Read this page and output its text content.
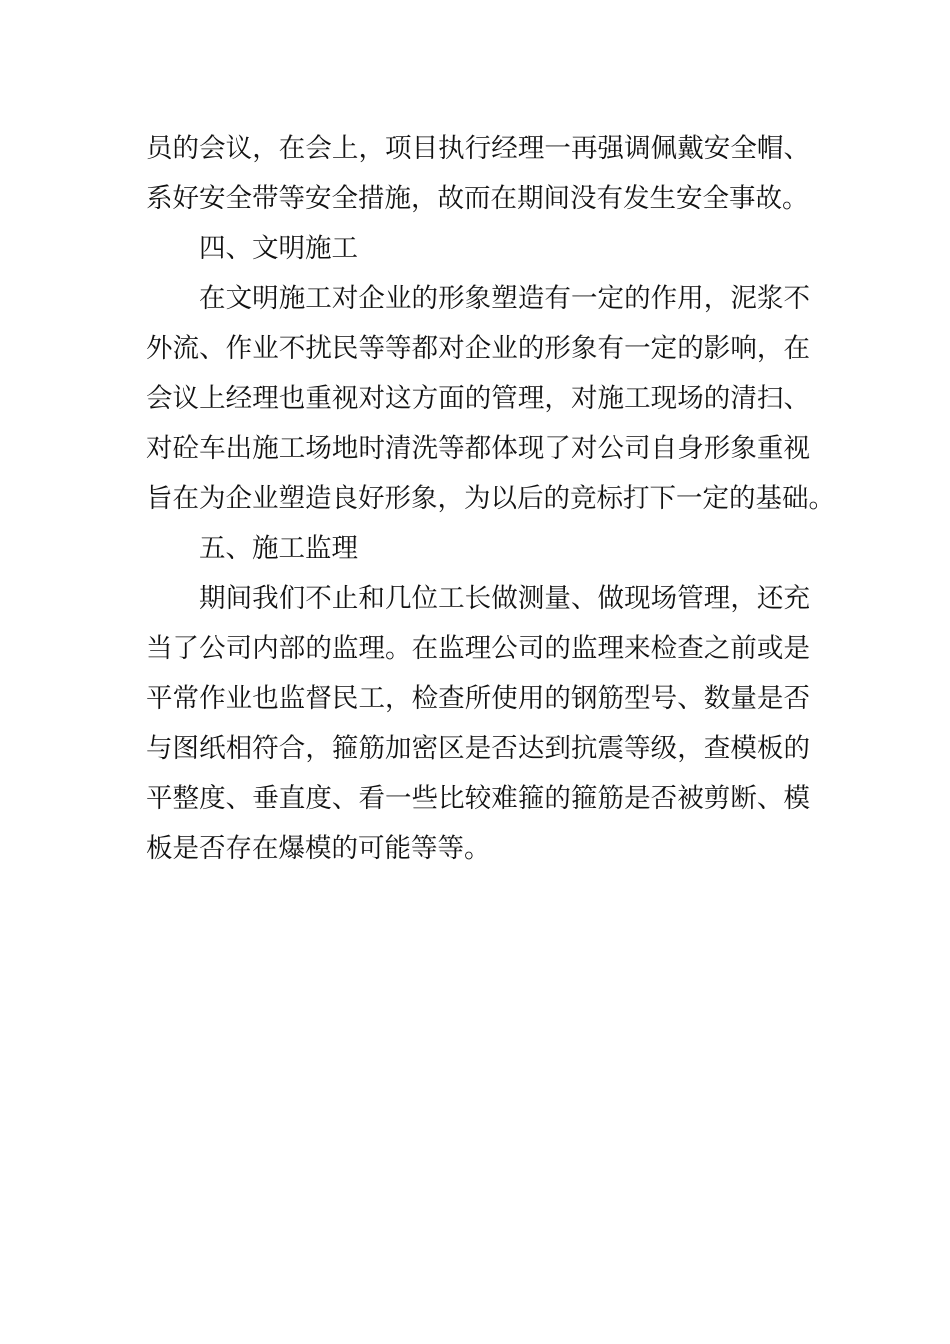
员的会议，在会上，项目执行经理一再强调佩戴安全帽、
系好安全带等安全措施，故而在期间没有发生安全事故。
四、文明施工
在文明施工对企业的形象塑造有一定的作用，泥浆不
外流、作业不扰民等等都对企业的形象有一定的影响，在
会议上经理也重视对这方面的管理，对施工现场的清扫、
对砼车出施工场地时清洗等都体现了对公司自身形象重视
旨在为企业塑造良好形象，为以后的竞标打下一定的基础。
五、施工监理
期间我们不止和几位工长做测量、做现场管理，还充
当了公司内部的监理。在监理公司的监理来检查之前或是
平常作业也监督民工，检查所使用的钢筋型号、数量是否
与图纸相符合，箍筋加密区是否达到抗震等级，查模板的
平整度、垂直度、看一些比较难箍的箍筋是否被剪断、模
板是否存在爆模的可能等等。
